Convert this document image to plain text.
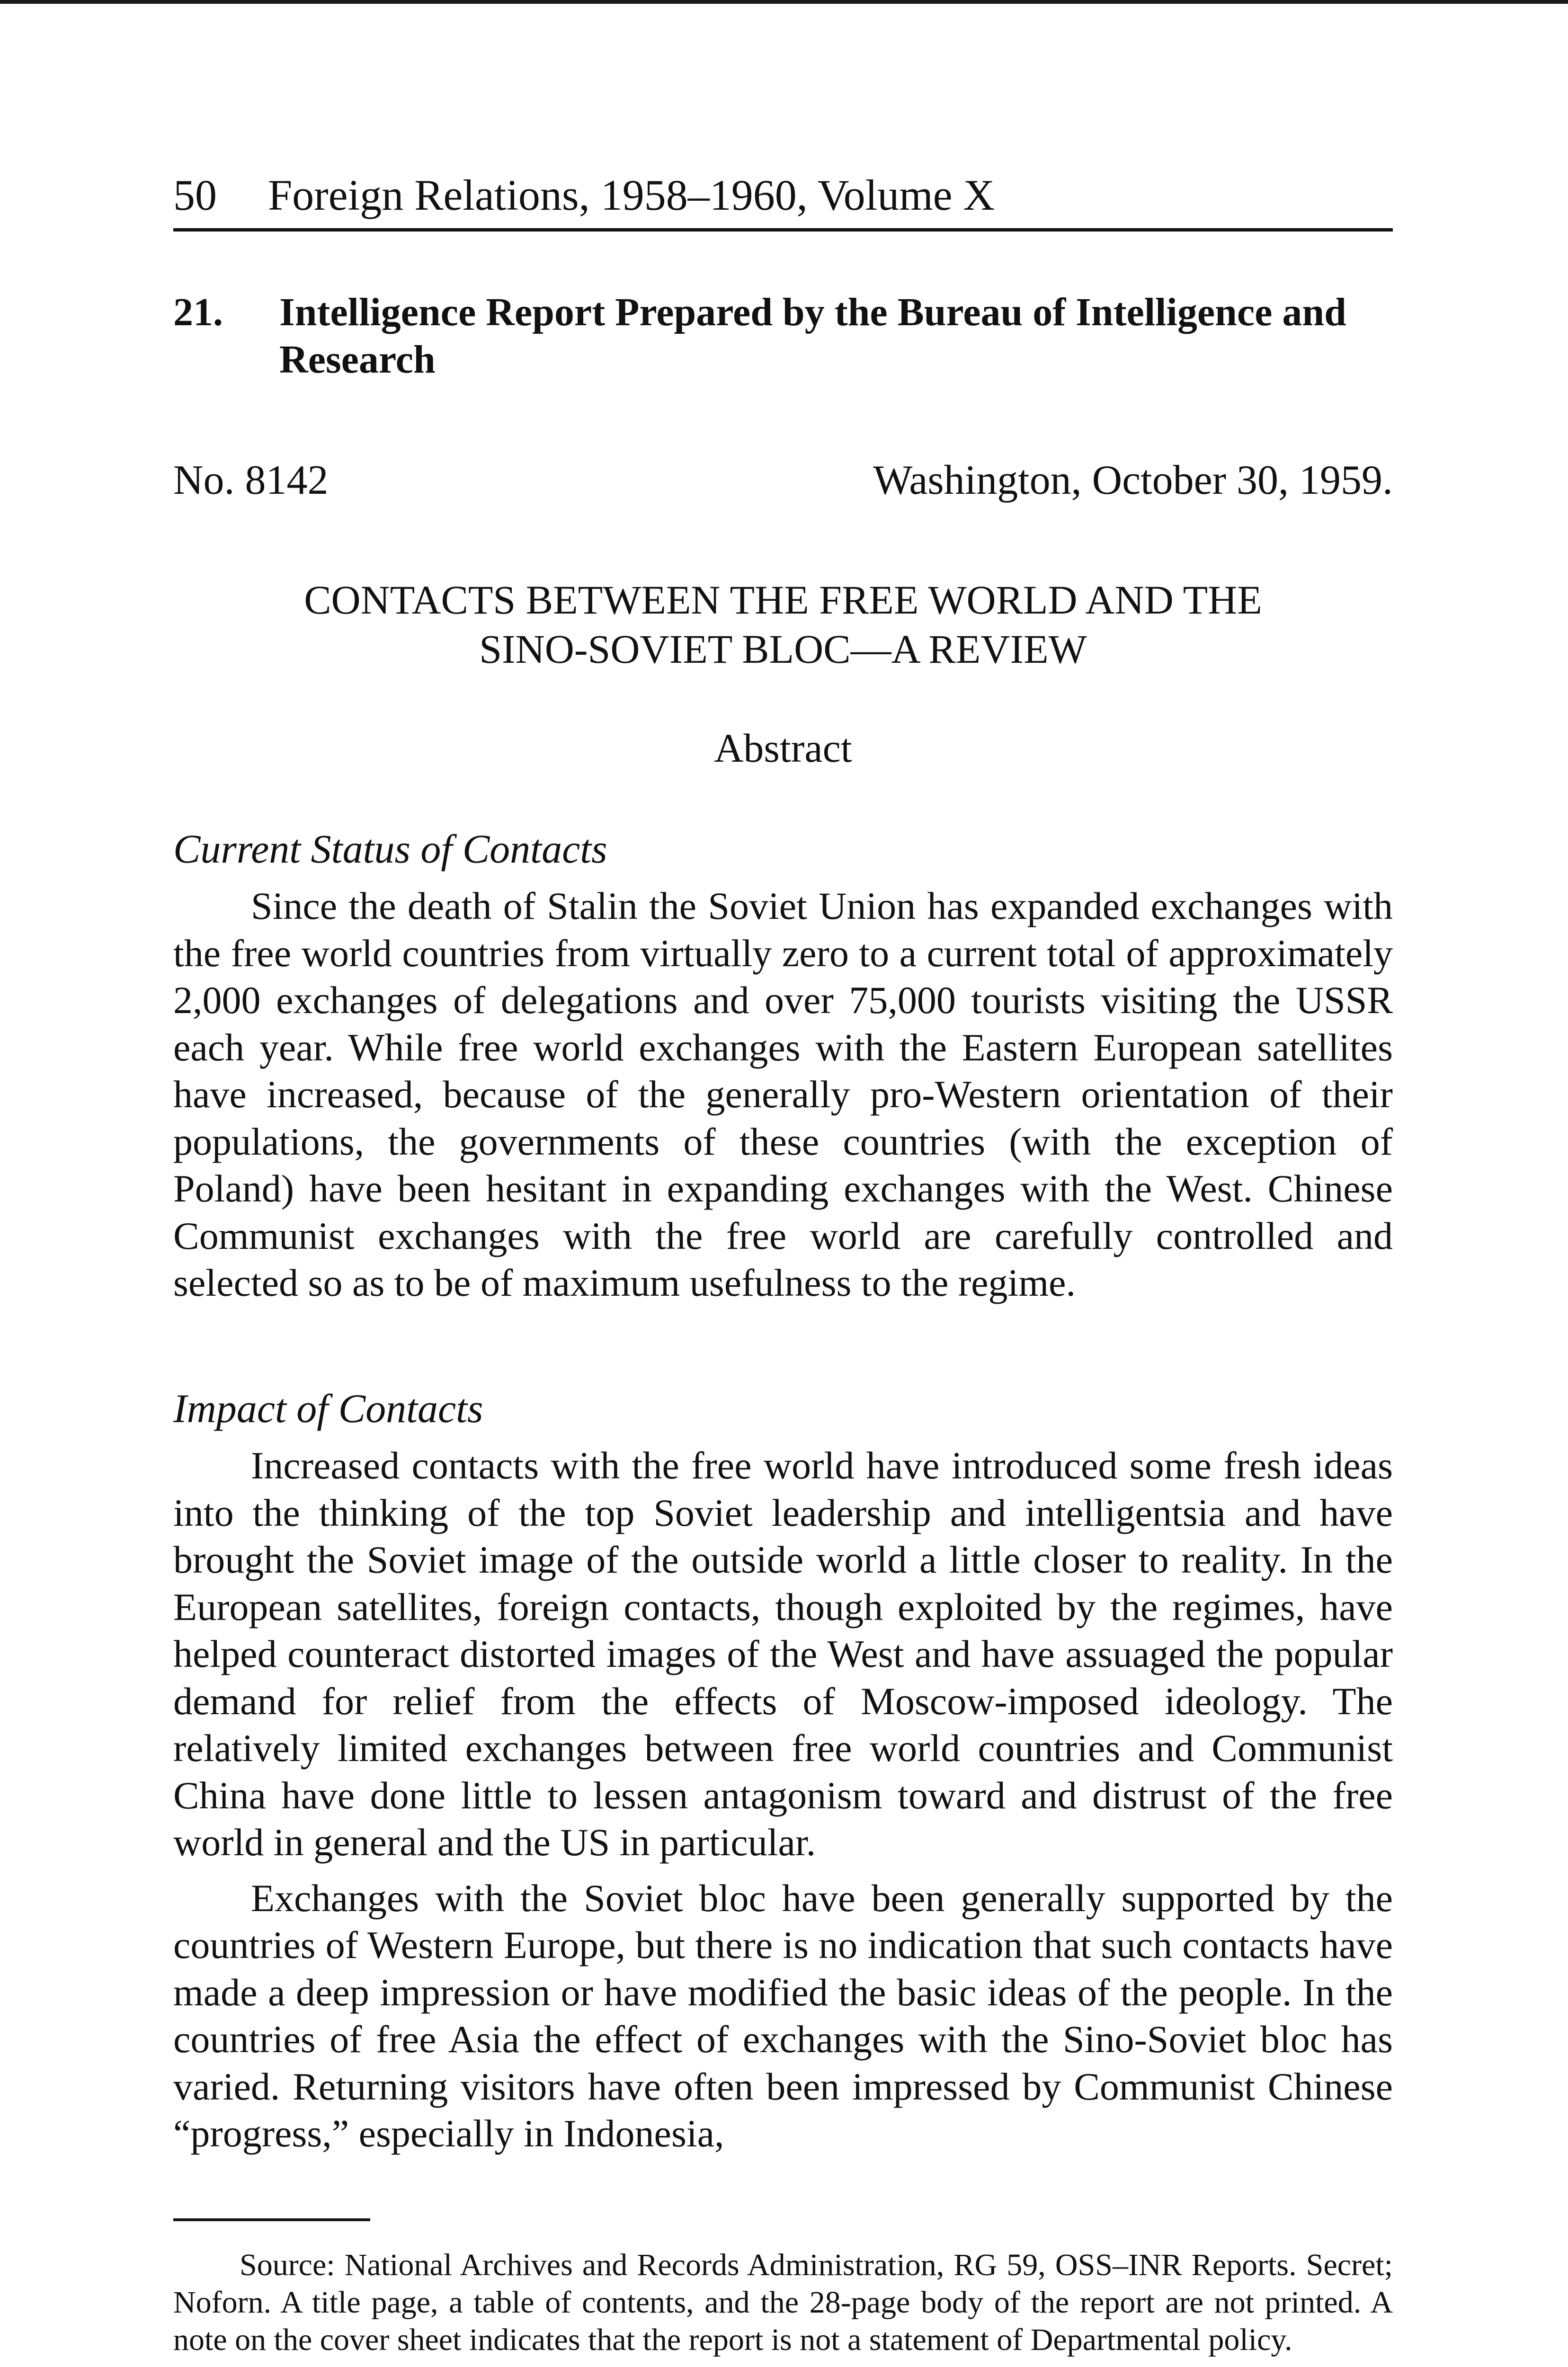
50 Foreign Relations, 1958–1960, Volume X
21. Intelligence Report Prepared by the Bureau of Intelligence and Research
No. 8142	Washington, October 30, 1959.
CONTACTS BETWEEN THE FREE WORLD AND THE
SINO-SOVIET BLOC—A REVIEW
Abstract
Current Status of Contacts

Since the death of Stalin the Soviet Union has expanded exchanges with the free world countries from virtually zero to a current total of approximately 2,000 exchanges of delegations and over 75,000 tourists visiting the USSR each year. While free world exchanges with the Eastern European satellites have increased, because of the generally pro-Western orientation of their populations, the governments of these countries (with the exception of Poland) have been hesitant in expanding exchanges with the West. Chinese Communist exchanges with the free world are carefully controlled and selected so as to be of maximum usefulness to the regime.

Impact of Contacts

Increased contacts with the free world have introduced some fresh ideas into the thinking of the top Soviet leadership and intelligentsia and have brought the Soviet image of the outside world a little closer to reality. In the European satellites, foreign contacts, though exploited by the regimes, have helped counteract distorted images of the West and have assuaged the popular demand for relief from the effects of Moscow-imposed ideology. The relatively limited exchanges between free world countries and Communist China have done little to lessen antagonism toward and distrust of the free world in general and the US in particular.

Exchanges with the Soviet bloc have been generally supported by the countries of Western Europe, but there is no indication that such contacts have made a deep impression or have modified the basic ideas of the people. In the countries of free Asia the effect of exchanges with the Sino-Soviet bloc has varied. Returning visitors have often been impressed by Communist Chinese “progress,” especially in Indonesia,

Source: National Archives and Records Administration, RG 59, OSS–INR Reports. Secret; Noforn. A title page, a table of contents, and the 28-page body of the report are not printed. A note on the cover sheet indicates that the report is not a statement of Departmental policy.
